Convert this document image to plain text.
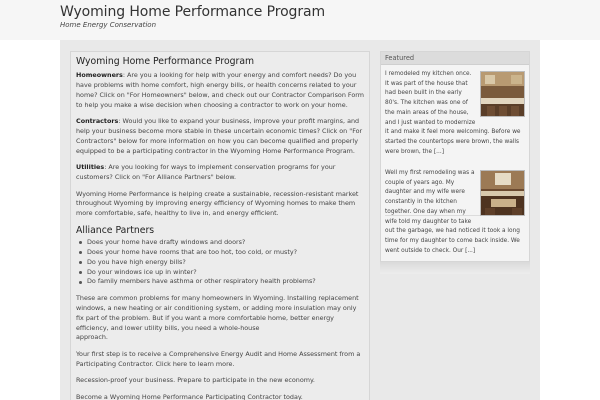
Wyoming Home Performance Program
Home Energy Conservation
Wyoming Home Performance Program

Homeowners: Are you a looking for help with your energy and comfort needs? Do you have problems with home comfort, high energy bills, or health concerns related to your home? Click on "For Homeowners" below, and check out our Contractor Comparison Form to help you make a wise decision when choosing a contractor to work on your home.

Contractors: Would you like to expand your business, improve your profit margins, and help your business become more stable in these uncertain economic times? Click on "For Contractors" below for more information on how you can become qualified and properly equipped to be a participating contractor in the Wyoming Home Performance Program.

Utilities: Are you looking for ways to implement conservation programs for your customers? Click on "For Alliance Partners" below.

Wyoming Home Performance is helping create a sustainable, recession-resistant market throughout Wyoming by improving energy efficiency of Wyoming homes to make them more comfortable, safe, healthy to live in, and energy efficient.

Alliance Partners
Does your home have drafty windows and doors?
Does your home have rooms that are too hot, too cold, or musty?
Do you have high energy bills?
Do your windows ice up in winter?
Do family members have asthma or other respiratory health problems?

These are common problems for many homeowners in Wyoming. Installing replacement windows, a new heating or air conditioning system, or adding more insulation may only fix part of the problem. But if you want a more comfortable home, better energy efficiency, and lower utility bills, you need a whole-house
approach.

Your first step is to receive a Comprehensive Energy Audit and Home Assessment from a Participating Contractor. Click here to learn more.

Recession-proof your business. Prepare to participate in the new economy.

Become a Wyoming Home Performance Participating Contractor today.

Featured
I remodeled my kitchen once. It was part of the house that had been built in the early 80's. The kitchen was one of the main areas of the house, and I just wanted to modernize it and make it feel more welcoming. Before we started the countertops were brown, the walls were brown, the [...]
Well my first remodeling was a couple of years ago. My daughter and my wife were constantly in the kitchen together. One day when my wife told my daughter to take out the garbage, we had noticed it took a long time for my daughter to come back inside. We went outside to check. Our [...]
